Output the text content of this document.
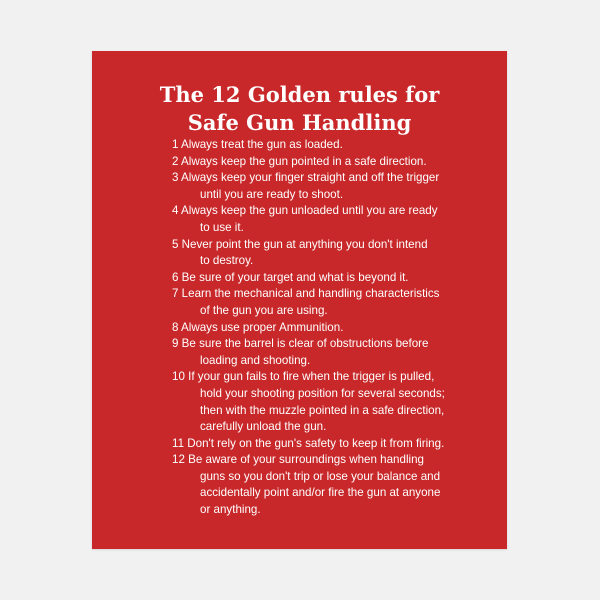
The 12 Golden rules for
Safe Gun Handling
1 Always treat the gun as loaded.
2 Always keep the gun pointed in a safe direction.
3 Always keep your finger straight and off the trigger
until you are ready to shoot.
4 Always keep the gun unloaded until you are ready
to use it.
5 Never point the gun at anything you don't intend
to destroy.
6 Be sure of your target and what is beyond it.
7 Learn the mechanical and handling characteristics
of the gun you are using.
8 Always use proper Ammunition.
9 Be sure the barrel is clear of obstructions before
loading and shooting.
10 If your gun fails to fire when the trigger is pulled,
hold your shooting position for several seconds;
then with the muzzle pointed in a safe direction,
carefully unload the gun.
11 Don't rely on the gun's safety to keep it from firing.
12 Be aware of your surroundings when handling
guns so you don't trip or lose your balance and
accidentally point and/or fire the gun at anyone
or anything.
